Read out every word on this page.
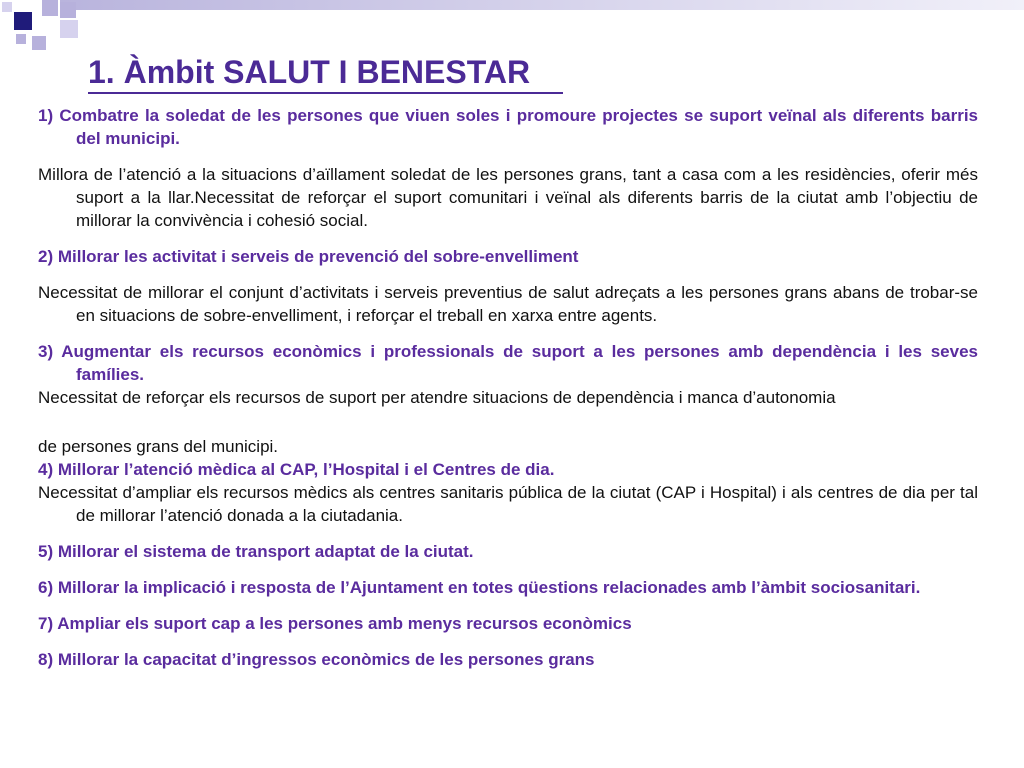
1. Àmbit SALUT I BENESTAR

1) Combatre la soledat de les persones que viuen soles i promoure projectes se suport veïnal als diferents barris del municipi.

Millora de l’atenció a la situacions d’aïllament soledat de les persones grans, tant a casa com a les residències, oferir més suport a la llar.Necessitat de reforçar el suport comunitari i veïnal als diferents barris de la ciutat amb l’objectiu de millorar la convivència i cohesió social.

2) Millorar les activitat i serveis de prevenció del sobre-envelliment

Necessitat de millorar el conjunt d’activitats i serveis preventius de salut adreçats a les persones grans abans de trobar-se en situacions de sobre-envelliment, i reforçar el treball en xarxa entre agents.

3) Augmentar els recursos econòmics i professionals de suport a les persones amb dependència i les seves famílies.

Necessitat de reforçar els recursos de suport per atendre situacions de dependència i manca d’autonomia

de persones grans del municipi.

4) Millorar l’atenció mèdica al CAP, l’Hospital i el Centres de dia.

Necessitat d’ampliar els recursos mèdics als centres sanitaris pública de la ciutat (CAP i Hospital) i als centres de dia per tal de millorar l’atenció donada a la ciutadania.

5) Millorar el sistema de transport adaptat de la ciutat.

6) Millorar la implicació i resposta de l’Ajuntament en totes qüestions relacionades amb l’àmbit sociosanitari.

7) Ampliar els suport cap a les persones amb menys recursos econòmics

8) Millorar la capacitat d’ingressos econòmics de les persones grans
